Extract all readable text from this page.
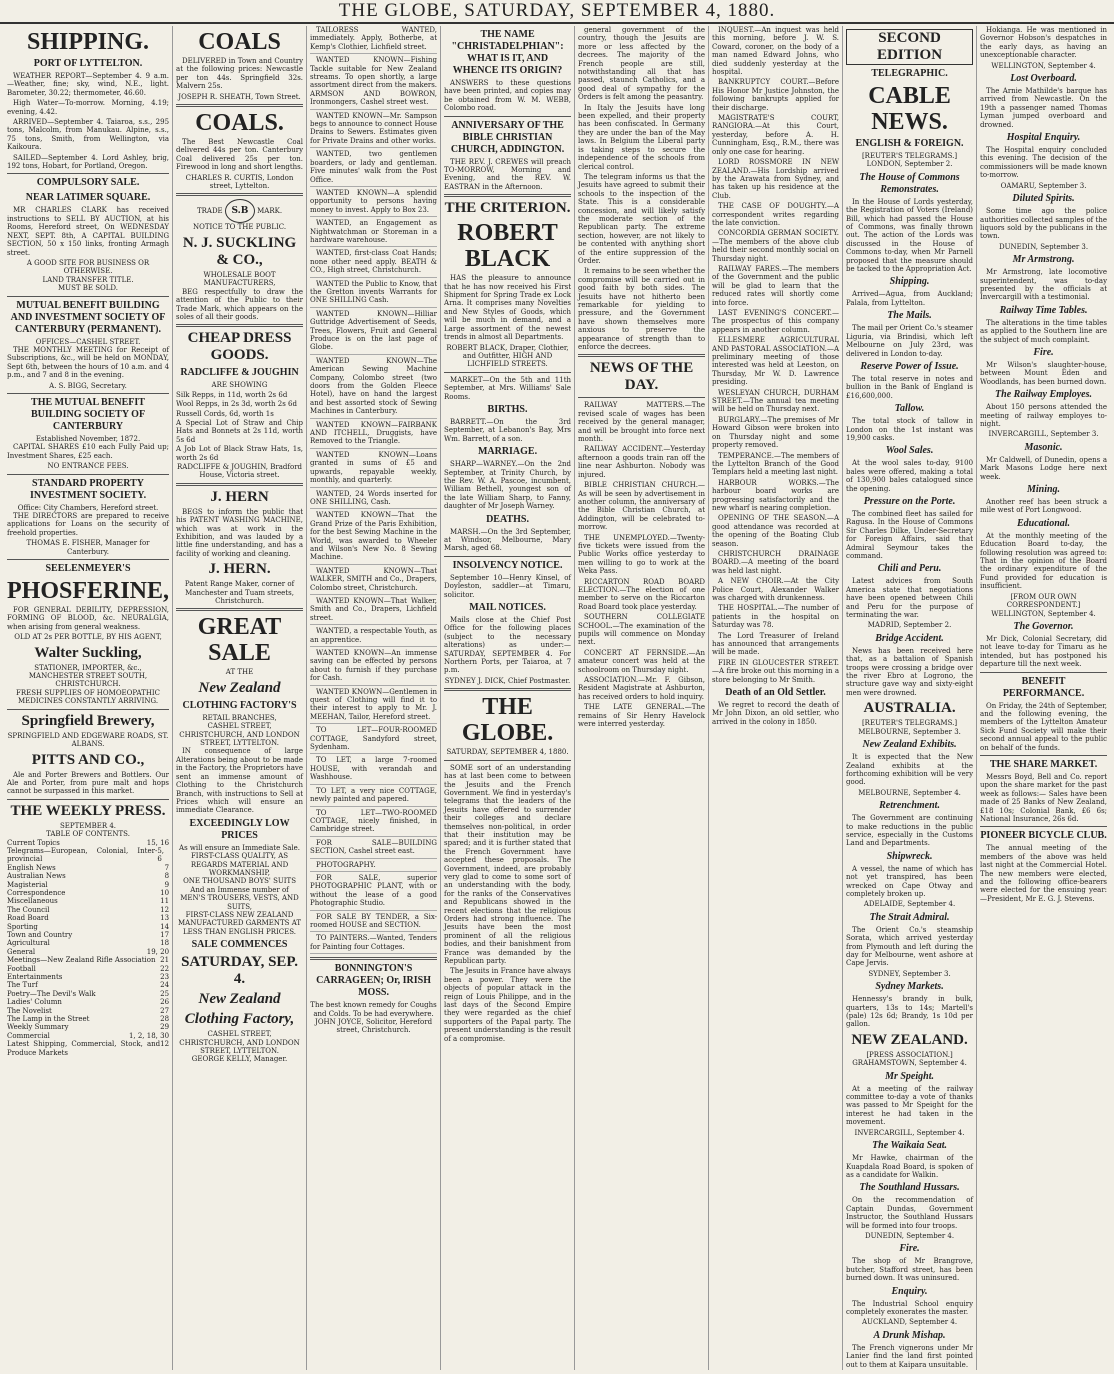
THE GLOBE, SATURDAY, SEPTEMBER 4, 1880.
SHIPPING.
PORT OF LYTTELTON.

WEATHER REPORT—September 4. 9 a.m.—Weather, fine; sky, wind, N.E., light. Barometer, 30.22; thermometer, 46.60.

High Water—To-morrow. Morning, 4.19; evening, 4.42.

ARRIVED—September 4. Taiaroa, s.s., 295 tons, Malcolm, from Manukau. Alpine, s.s., 75 tons, Smith, from Wellington, via Kaikoura.

SAILED—September 4. Lord Ashley, brig, 192 tons, Hobart, for Portland, Oregon.

COMPULSORY SALE.
NEAR LATIMER SQUARE.

MR CHARLES CLARK has received instructions to SELL BY AUCTION, at his Rooms, Hereford street, On WEDNESDAY NEXT, SEPT. 8th, A CAPITAL BUILDING SECTION, 50 x 150 links, fronting Armagh street.

A GOOD SITE FOR BUSINESS OR OTHERWISE.
LAND TRANSFER TITLE.
MUST BE SOLD.
MUTUAL BENEFIT BUILDING AND INVESTMENT SOCIETY OF CANTERBURY (PERMANENT).
OFFICES—CASHEL STREET.

THE MONTHLY MEETING for Receipt of Subscriptions, &c., will be held on MONDAY, Sept 6th, between the hours of 10 a.m. and 4 p.m., and 7 and 8 in the evening.

A. S. BIGG, Secretary.
THE MUTUAL BENEFIT BUILDING SOCIETY OF CANTERBURY
Established November, 1872.

CAPITAL SHARES £10 each Fully Paid up; Investment Shares, £25 each.

NO ENTRANCE FEES.
STANDARD PROPERTY INVESTMENT SOCIETY.
Office: City Chambers, Hereford street.

THE DIRECTORS are prepared to receive applications for Loans on the security of freehold properties.

THOMAS E. FISHER, Manager for Canterbury.
SEELENMEYER'S
PHOSFERINE,

FOR GENERAL DEBILITY, DEPRESSION, FORMING OF BLOOD, &c. NEURALGIA, when arising from general weakness.

OLD AT 2s PER BOTTLE, BY HIS AGENT,
Walter Suckling,
STATIONER, IMPORTER, &c., MANCHESTER STREET SOUTH, CHRISTCHURCH.
FRESH SUPPLIES OF HOMOEOPATHIC MEDICINES CONSTANTLY ARRIVING.
Springfield Brewery,
SPRINGFIELD AND EDGEWARE ROADS, ST. ALBANS.
PITTS AND CO.,

Ale and Porter Brewers and Bottlers. Our Ale and Porter, from pure malt and hops cannot be surpassed in this market.

THE WEEKLY PRESS.
SEPTEMBER 4.
TABLE OF CONTENTS.
Current Topics	15, 16
Telegrams—European, Colonial, Inter-provincial
5, 6
English News	7
Australian News	8
Magisterial	9
Correspondence	10
Miscellaneous	11
The Council	12
Road Board	13
Sporting	14
Town and Country	17
Agricultural	18
General	19, 20
Meetings—New Zealand Rifle Association 21
Football	22
Entertainments	23
The Turf	24
Poetry—The Devil's Walk	25
Ladies' Column	26
The Novelist	27
The Lamp in the Street	28
Weekly Summary	29
Commercial	1, 2, 18, 30
Latest Shipping, Commercial, Stock, and Produce Markets
12
COALS

DELIVERED in Town and Country at the following prices: Newcastle per ton 44s. Springfield 32s. Malvern 25s.

JOSEPH R. SHEATH, Town Street.
COALS.

The Best Newcastle Coal delivered 44s per ton. Canterbury Coal delivered 25s per ton. Firewood in long and short lengths.

CHARLES R. CURTIS, London street, Lyttelton.
TRADE S.B MARK.
NOTICE TO THE PUBLIC.
N. J. SUCKLING & CO.,
WHOLESALE BOOT MANUFACTURERS,

BEG respectfully to draw the attention of the Public to their Trade Mark, which appears on the soles of all their goods.

CHEAP DRESS GOODS.
RADCLIFFE & JOUGHIN
ARE SHOWING
Silk Repps, in 11d, worth 2s 6d
Wool Repps, in 2s 3d, worth 2s 6d
Russell Cords, 6d, worth 1s
A Special Lot of Straw and Chip Hats and Bonnets at 2s 11d, worth 5s 6d
A Job Lot of Black Straw Hats, 1s, worth 2s 6d
RADCLIFFE & JOUGHIN, Bradford House, Victoria street.
J. HERN

BEGS to inform the public that his PATENT WASHING MACHINE, which was at work in the Exhibition, and was lauded by a little fine understanding, and has a facility of working and cleaning.

J. HERN.
Patent Range Maker, corner of Manchester and Tuam streets, Christchurch.
GREAT SALE
AT THE
New Zealand
CLOTHING FACTORY'S
RETAIL BRANCHES,
CASHEL STREET, CHRISTCHURCH, AND LONDON STREET, LYTTELTON.

IN consequence of large Alterations being about to be made in the Factory, the Proprietors have sent an immense amount of Clothing to the Christchurch Branch, with instructions to Sell at Prices which will ensure an immediate Clearance.

EXCEEDINGLY LOW PRICES
As will ensure an Immediate Sale.
FIRST-CLASS QUALITY, AS REGARDS MATERIAL AND WORKMANSHIP,
ONE THOUSAND BOYS' SUITS
And an Immense number of
MEN'S TROUSERS, VESTS, AND SUITS,
FIRST-CLASS NEW ZEALAND MANUFACTURED GARMENTS AT LESS THAN ENGLISH PRICES.
SALE COMMENCES
SATURDAY, SEP. 4.
New Zealand
Clothing Factory,
CASHEL STREET, CHRISTCHURCH, AND LONDON STREET, LYTTELTON.
GEORGE KELLY, Manager.

TAILORESS WANTED, immediately. Apply, Botherbe, at Kemp's Clothier, Lichfield street.

WANTED KNOWN—Fishing Tackle suitable for New Zealand streams. To open shortly, a large assortment direct from the makers. ARMSON AND BOWRON, Ironmongers, Cashel street west.

WANTED KNOWN—Mr. Sampson begs to announce to connect House Drains to Sewers. Estimates given for Private Drains and other works.

WANTED, two gentlemen boarders, or lady and gentleman. Five minutes' walk from the Post Office.

WANTED KNOWN—A splendid opportunity to persons having money to invest. Apply to Box 23.

WANTED, an Engagement as Nightwatchman or Storeman in a hardware warehouse.

WANTED, first-class Coat Hands; none other need apply. BEATH & CO., High street, Christchurch.

WANTED the Public to Know, that the Gretton invents Warrants for ONE SHILLING Cash.

WANTED KNOWN—Hilliar Guttridge Advertisement of Seeds, Trees, Flowers, Fruit and General Produce is on the last page of Globe.

WANTED KNOWN—The American Sewing Machine Company, Colombo street (two doors from the Golden Fleece Hotel), have on hand the largest and best assorted stock of Sewing Machines in Canterbury.

WANTED KNOWN—FAIRBANK AND ITCHELL, Druggists, have Removed to the Triangle.

WANTED KNOWN—Loans granted in sums of £5 and upwards, repayable weekly, monthly, and quarterly.

WANTED, 24 Words inserted for ONE SHILLING, Cash.

WANTED KNOWN—That the Grand Prize of the Paris Exhibition, for the best Sewing Machine in the World, was awarded to Wheeler and Wilson's New No. 8 Sewing Machine.

WANTED KNOWN—That WALKER, SMITH and Co., Drapers, Colombo street, Christchurch.

WANTED KNOWN—That Walker, Smith and Co., Drapers, Lichfield street.

WANTED, a respectable Youth, as an apprentice.

WANTED KNOWN—An immense saving can be effected by persons about to furnish if they purchase for Cash.

WANTED KNOWN—Gentlemen in quest of Clothing will find it to their interest to apply to Mr. J. MEEHAN, Tailor, Hereford street.

TO LET—FOUR-ROOMED COTTAGE, Sandyford street, Sydenham.

TO LET, a large 7-roomed HOUSE, with verandah and Washhouse.

TO LET, a very nice COTTAGE, newly painted and papered.

TO LET—TWO-ROOMED COTTAGE, nicely finished, in Cambridge street.

FOR SALE—BUILDING SECTION, Cashel street east.

PHOTOGRAPHY.

FOR SALE, superior PHOTOGRAPHIC PLANT, with or without the lease of a good Photographic Studio.

FOR SALE BY TENDER, a Six-roomed HOUSE and SECTION.

TO PAINTERS.—Wanted, Tenders for Painting four Cottages.

BONNINGTON'S CARRAGEEN; Or, IRISH MOSS.
The best known remedy for Coughs and Colds. To be had everywhere.
JOHN JOYCE, Solicitor, Hereford street, Christchurch.
THE NAME "CHRISTADELPHIAN": WHAT IS IT, AND WHENCE ITS ORIGIN?

ANSWERS to these questions have been printed, and copies may be obtained from W. M. WEBB, Colombo road.

ANNIVERSARY OF THE BIBLE CHRISTIAN CHURCH, ADDINGTON.

THE REV. J. CREWES will preach TO-MORROW, Morning and Evening, and the REV. W. EASTRAN in the Afternoon.

THE CRITERION.
ROBERT BLACK

HAS the pleasure to announce that he has now received his First Shipment for Spring Trade ex Lock Arna. It comprises many Novelties and New Styles of Goods, which will be much in demand, and a Large assortment of the newest trends in almost all Departments.

ROBERT BLACK, Draper, Clothier, and Outfitter, HIGH AND LICHFIELD STREETS.

MARKET—On the 5th and 11th September, at Mrs. Williams' Sale Rooms.

BIRTHS.

BARRETT.—On the 3rd September, at Lebanon's Bay, Mrs Wm. Barrett, of a son.

MARRIAGE.

SHARP—WARNEY.—On the 2nd September, at Trinity Church, by the Rev. W. A. Pascoe, incumbent, William Bethell, youngest son of the late William Sharp, to Fanny, daughter of Mr Joseph Warney.

DEATHS.

MARSH.—On the 3rd September, at Windsor, Melbourne, Mary Marsh, aged 68.

INSOLVENCY NOTICE.

September 10—Henry Kinsel, of Doyleston, saddler—at Timaru, solicitor.

MAIL NOTICES.

Mails close at the Chief Post Office for the following places (subject to the necessary alterations) as under:— SATURDAY, SEPTEMBER 4. For Northern Ports, per Taiaroa, at 7 p.m.

SYDNEY J. DICK, Chief Postmaster.
THE GLOBE.
SATURDAY, SEPTEMBER 4, 1880.

SOME sort of an understanding has at last been come to between the Jesuits and the French Government. We find in yesterday's telegrams that the leaders of the Jesuits have offered to surrender their colleges and declare themselves non-political, in order that their institution may be spared; and it is further stated that the French Government have accepted these proposals. The Government, indeed, are probably very glad to come to some sort of an understanding with the body, for the ranks of the Conservatives and Republicans showed in the recent elections that the religious Orders had strong influence. The Jesuits have been the most prominent of all the religious bodies, and their banishment from France was demanded by the Republican party.

The Jesuits in France have always been a power. They were the objects of popular attack in the reign of Louis Philippe, and in the last days of the Second Empire they were regarded as the chief supporters of the Papal party. The present understanding is the result of a compromise.

general government of the country, though the Jesuits are more or less affected by the decrees. The majority of the French people are still, notwithstanding all that has passed, staunch Catholics, and a good deal of sympathy for the Orders is felt among the peasantry.

In Italy the Jesuits have long been expelled, and their property has been confiscated. In Germany they are under the ban of the May laws. In Belgium the Liberal party is taking steps to secure the independence of the schools from clerical control.

The telegram informs us that the Jesuits have agreed to submit their schools to the inspection of the State. This is a considerable concession, and will likely satisfy the moderate section of the Republican party. The extreme section, however, are not likely to be contented with anything short of the entire suppression of the Order.

It remains to be seen whether the compromise will be carried out in good faith by both sides. The Jesuits have not hitherto been remarkable for yielding to pressure, and the Government have shown themselves more anxious to preserve the appearance of strength than to enforce the decrees.

NEWS OF THE DAY.

RAILWAY MATTERS.—The revised scale of wages has been received by the general manager, and will be brought into force next month.

RAILWAY ACCIDENT.—Yesterday afternoon a goods train ran off the line near Ashburton. Nobody was injured.

BIBLE CHRISTIAN CHURCH.—As will be seen by advertisement in another column, the anniversary of the Bible Christian Church, at Addington, will be celebrated to-morrow.

THE UNEMPLOYED.—Twenty-five tickets were issued from the Public Works office yesterday to men willing to go to work at the Weka Pass.

RICCARTON ROAD BOARD ELECTION.—The election of one member to serve on the Riccarton Road Board took place yesterday.

SOUTHERN COLLEGIATE SCHOOL.—The examination of the pupils will commence on Monday next.

CONCERT AT FERNSIDE.—An amateur concert was held at the schoolroom on Thursday night.

ASSOCIATION.—Mr. F. Gibson, Resident Magistrate at Ashburton, has received orders to hold inquiry.

THE LATE GENERAL.—The remains of Sir Henry Havelock were interred yesterday.

INQUEST.—An inquest was held this morning, before J. W. S. Coward, coroner, on the body of a man named Edward Johns, who died suddenly yesterday at the hospital.

BANKRUPTCY COURT.—Before His Honor Mr Justice Johnston, the following bankrupts applied for their discharge.

MAGISTRATE'S COURT, RANGIORA.—At this Court, yesterday, before A. H. Cunningham, Esq., R.M., there was only one case for hearing.

LORD ROSSMORE IN NEW ZEALAND.—His Lordship arrived by the Arawata from Sydney, and has taken up his residence at the Club.

THE CASE OF DOUGHTY.—A correspondent writes regarding the late conviction.

CONCORDIA GERMAN SOCIETY.—The members of the above club held their second monthly social on Thursday night.

RAILWAY FARES.—The members of the Government and the public will be glad to learn that the reduced rates will shortly come into force.

LAST EVENING'S CONCERT.—The prospectus of this company appears in another column.

ELLESMERE AGRICULTURAL AND PASTORAL ASSOCIATION.—A preliminary meeting of those interested was held at Leeston, on Thursday, Mr W. D. Lawrence presiding.

WESLEYAN CHURCH, DURHAM STREET.—The annual tea meeting will be held on Thursday next.

BURGLARY.—The premises of Mr Howard Gibson were broken into on Thursday night and some property removed.

TEMPERANCE.—The members of the Lyttelton Branch of the Good Templars held a meeting last night.

HARBOUR WORKS.—The harbour board works are progressing satisfactorily and the new wharf is nearing completion.

OPENING OF THE SEASON.—A good attendance was recorded at the opening of the Boating Club season.

CHRISTCHURCH DRAINAGE BOARD.—A meeting of the board was held last night.

A NEW CHOIR.—At the City Police Court, Alexander Walker was charged with drunkenness.

THE HOSPITAL.—The number of patients in the hospital on Saturday was 78.

The Lord Treasurer of Ireland has announced that arrangements will be made.

FIRE IN GLOUCESTER STREET.—A fire broke out this morning in a store belonging to Mr Smith.

Death of an Old Settler.

We regret to record the death of Mr John Dixon, an old settler, who arrived in the colony in 1850.

SECOND EDITION
TELEGRAPHIC.
CABLE NEWS.
ENGLISH & FOREIGN.
[REUTER'S TELEGRAMS.]
LONDON, September 2.
The House of Commons Remonstrates.

In the House of Lords yesterday, the Registration of Voters (Ireland) Bill, which had passed the House of Commons, was finally thrown out. The action of the Lords was discussed in the House of Commons to-day, when Mr Parnell proposed that the measure should be tacked to the Appropriation Act.

Shipping.

Arrived—Agua, from Auckland; Palala, from Lyttelton.

The Mails.

The mail per Orient Co.'s steamer Liguria, via Brindisi, which left Melbourne on July 23rd, was delivered in London to-day.

Reserve Power of Issue.

The total reserve in notes and bullion in the Bank of England is £16,600,000.

Tallow.

The total stock of tallow in London on the 1st instant was 19,900 casks.

Wool Sales.

At the wool sales to-day, 9100 bales were offered, making a total of 130,900 bales catalogued since the opening.

Pressure on the Porte.

The combined fleet has sailed for Ragusa. In the House of Commons Sir Charles Dilke, Under-Secretary for Foreign Affairs, said that Admiral Seymour takes the command.

Chili and Peru.

Latest advices from South America state that negotiations have been opened between Chili and Peru for the purpose of terminating the war.

MADRID, September 2.
Bridge Accident.

News has been received here that, as a battalion of Spanish troops were crossing a bridge over the river Ebro at Logrono, the structure gave way and sixty-eight men were drowned.

AUSTRALIA.
[REUTER'S TELEGRAMS.]
MELBOURNE, September 3.
New Zealand Exhibits.

It is expected that the New Zealand exhibits at the forthcoming exhibition will be very good.

MELBOURNE, September 4.
Retrenchment.

The Government are continuing to make reductions in the public service, especially in the Customs Land and Departments.

Shipwreck.

A vessel, the name of which has not yet transpired, has been wrecked on Cape Otway and completely broken up.

ADELAIDE, September 4.
The Strait Admiral.

The Orient Co.'s steamship Sorata, which arrived yesterday from Plymouth and left during the day for Melbourne, went ashore at Cape Jervis.

SYDNEY, September 3.
Sydney Markets.

Hennessy's brandy in bulk, quarters, 13s to 14s; Martell's (pale) 12s 6d; Brandy, 1s 10d per gallon.

NEW ZEALAND.
[PRESS ASSOCIATION.]
GRAHAMSTOWN, September 4.
Mr Speight.

At a meeting of the railway committee to-day a vote of thanks was passed to Mr Speight for the interest he had taken in the movement.

INVERCARGILL, September 4.
The Waikaia Seat.

Mr Hawke, chairman of the Kuapdala Road Board, is spoken of as a candidate for Walkin.

The Southland Hussars.

On the recommendation of Captain Dundas, Government Instructor, the Southland Hussars will be formed into four troops.

DUNEDIN, September 4.
Fire.

The shop of Mr Brangrove, butcher, Stafford street, has been burned down. It was uninsured.

Enquiry.

The Industrial School enquiry completely exonerates the master.

AUCKLAND, September 4.
A Drunk Mishap.

The French vignerons under Mr Lanier find the land first pointed out to them at Kaipara unsuitable.

Hokianga. He was mentioned in Governor Hobson's despatches in the early days, as having an unexceptionable character.

WELLINGTON, September 4.
Lost Overboard.

The Arnie Mathilde's barque has arrived from Newcastle. On the 19th a passenger named Thomas Lyman jumped overboard and drowned.

Hospital Enquiry.

The Hospital enquiry concluded this evening. The decision of the commissioners will be made known to-morrow.

OAMARU, September 3.
Diluted Spirits.

Some time ago the police authorities collected samples of the liquors sold by the publicans in the town.

DUNEDIN, September 3.
Mr Armstrong.

Mr Armstrong, late locomotive superintendent, was to-day presented by the officials at Invercargill with a testimonial.

Railway Time Tables.

The alterations in the time tables as applied to the Southern line are the subject of much complaint.

Fire.

Mr Wilson's slaughter-house, between Mount Eden and Woodlands, has been burned down.

The Railway Employes.

About 150 persons attended the meeting of railway employes to-night.

INVERCARGILL, September 3.
Masonic.

Mr Caldwell, of Dunedin, opens a Mark Masons Lodge here next week.

Mining.

Another reef has been struck a mile west of Port Longwood.

Educational.

At the monthly meeting of the Education Board to-day, the following resolution was agreed to: That in the opinion of the Board the ordinary expenditure of the Fund provided for education is insufficient.

[FROM OUR OWN CORRESPONDENT.]
WELLINGTON, September 4.
The Governor.

Mr Dick, Colonial Secretary, did not leave to-day for Timaru as he intended, but has postponed his departure till the next week.

BENEFIT PERFORMANCE.

On Friday, the 24th of September, and the following evening, the members of the Lyttelton Amateur Sick Fund Society will make their second annual appeal to the public on behalf of the funds.

THE SHARE MARKET.

Messrs Boyd, Bell and Co. report upon the share market for the past week as follows:— Sales have been made of 25 Banks of New Zealand, £18 10s; Colonial Bank, £6 6s; National Insurance, 26s 6d.

PIONEER BICYCLE CLUB.

The annual meeting of the members of the above was held last night at the Commercial Hotel. The new members were elected, and the following office-bearers were elected for the ensuing year:—President, Mr E. G. J. Stevens.
